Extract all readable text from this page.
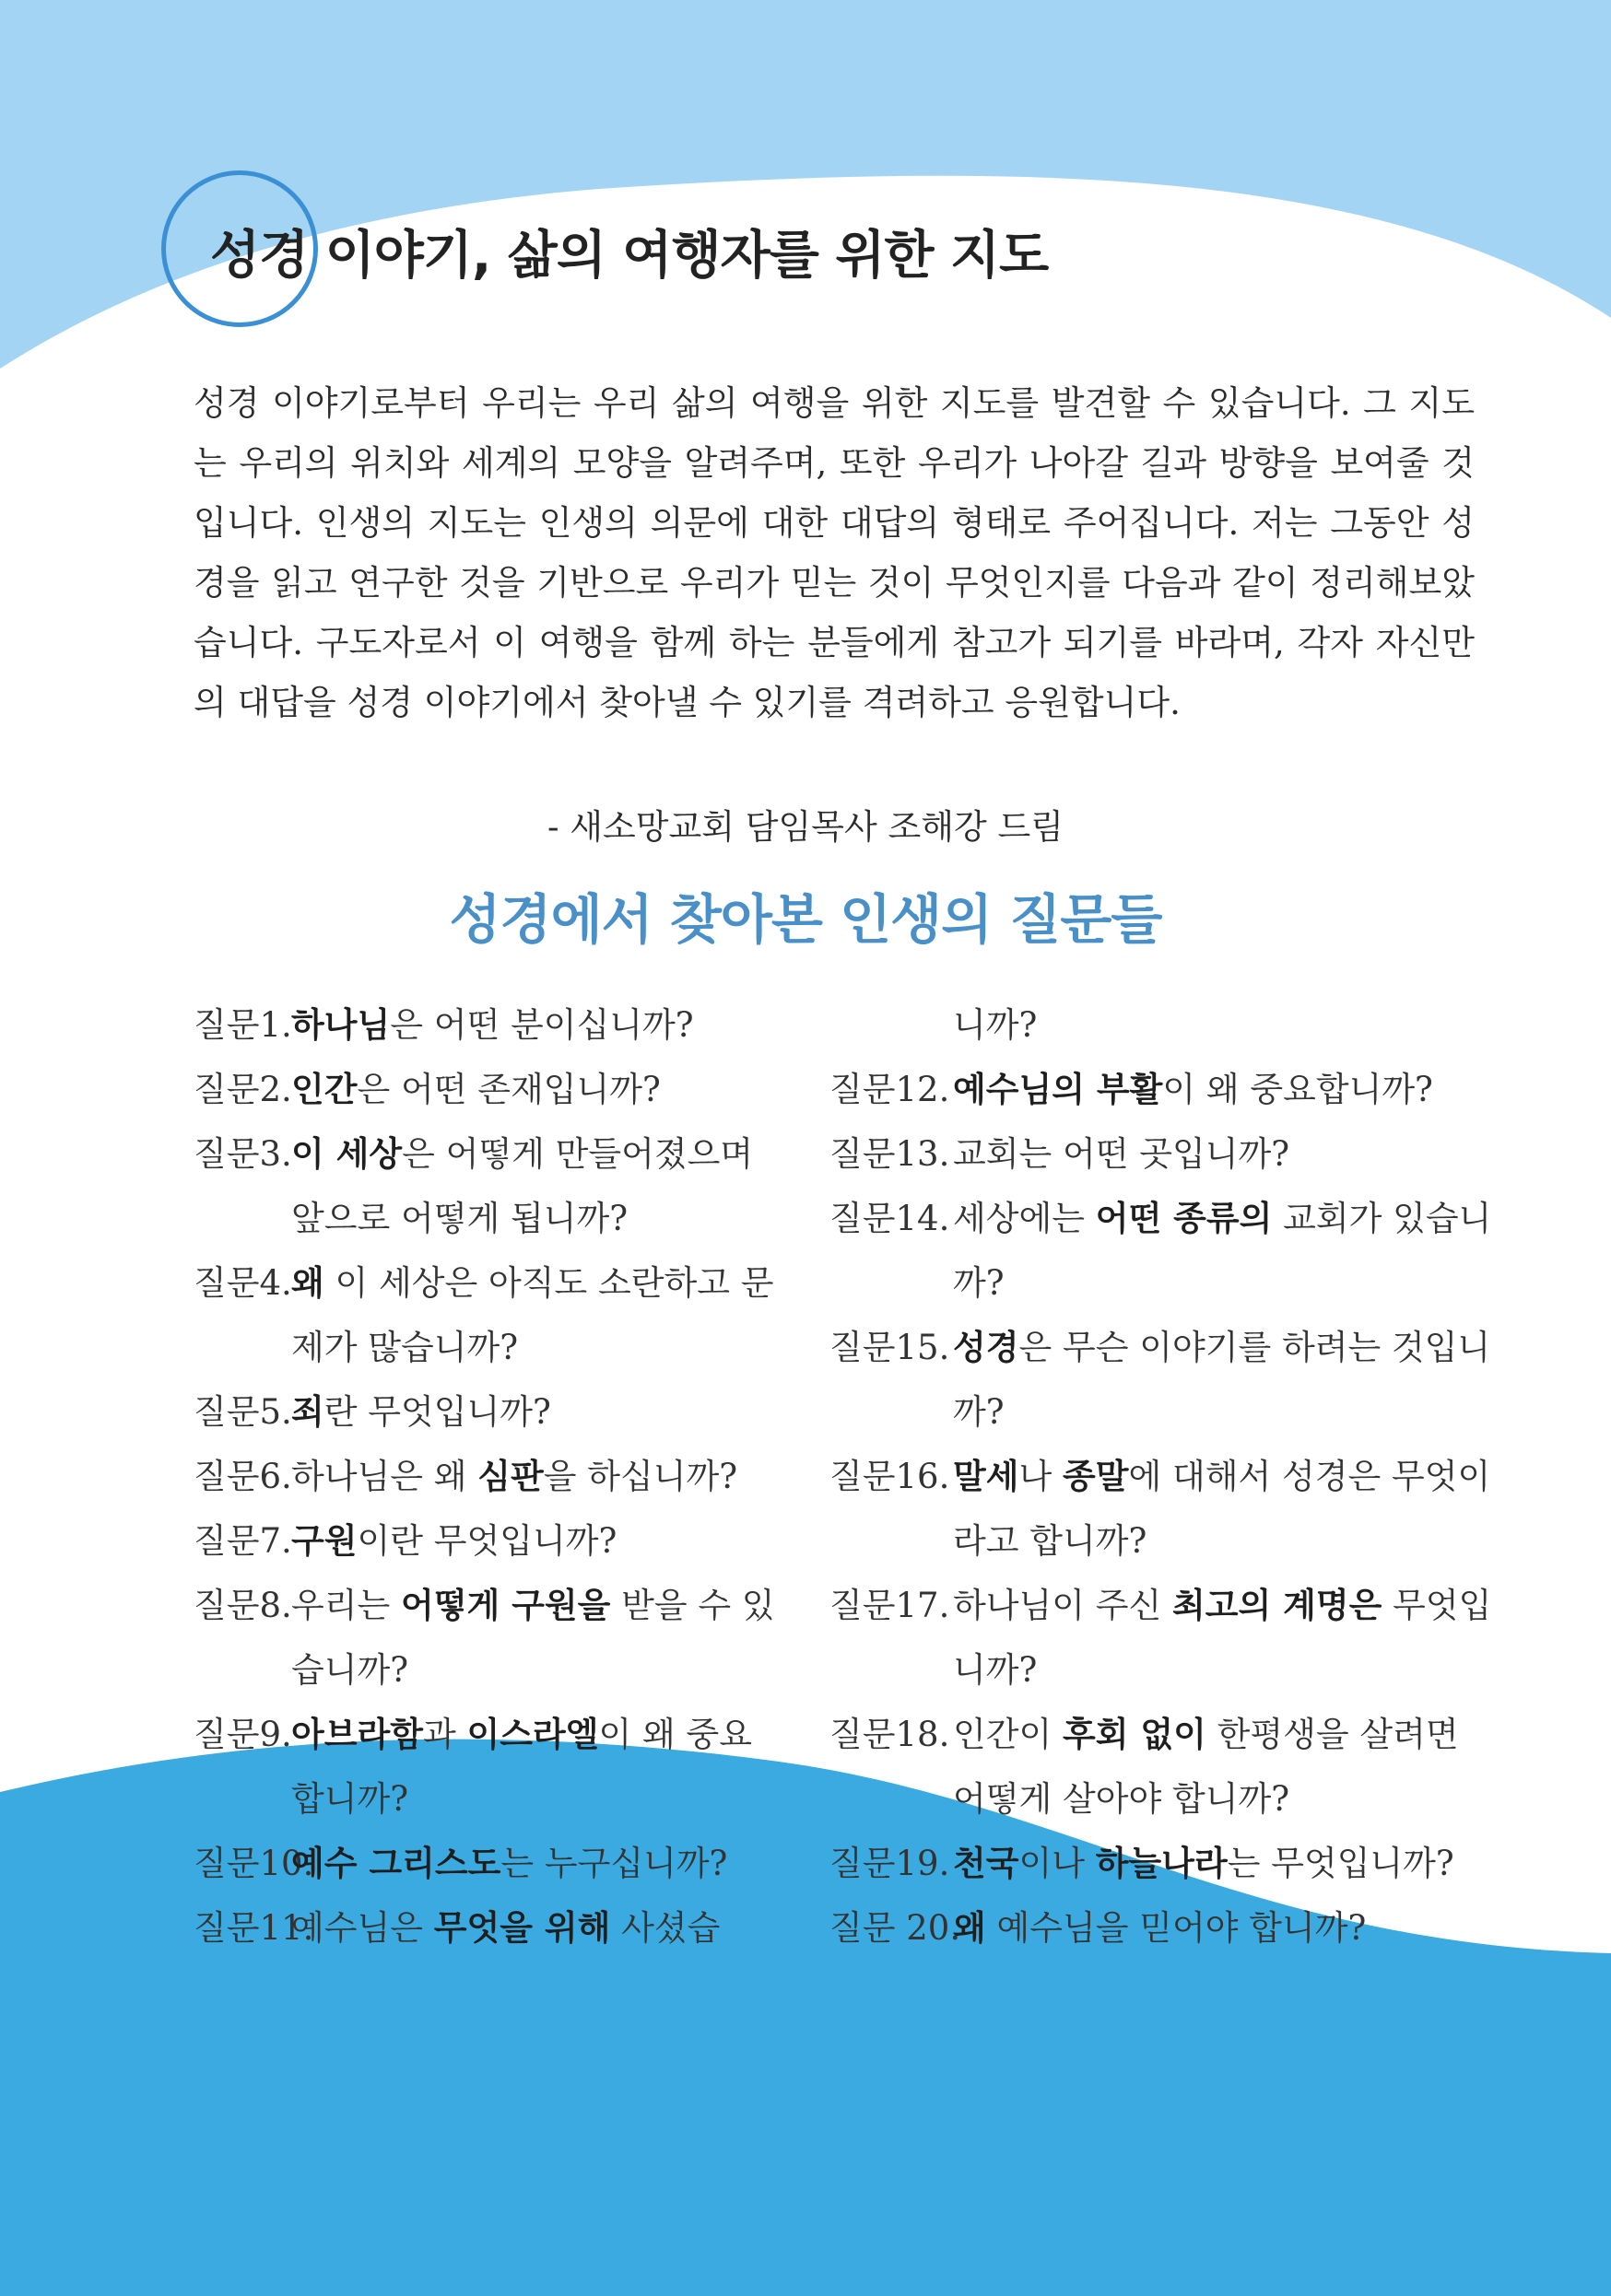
성경 이야기, 삶의 여행자를 위한 지도

성경 이야기로부터 우리는 우리 삶의 여행을 위한 지도를 발견할 수 있습니다. 그 지도는 우리의 위치와 세계의 모양을 알려주며, 또한 우리가 나아갈 길과 방향을 보여줄 것입니다. 인생의 지도는 인생의 의문에 대한 대답의 형태로 주어집니다. 저는 그동안 성경을 읽고 연구한 것을 기반으로 우리가 믿는 것이 무엇인지를 다음과 같이 정리해보았습니다. 구도자로서 이 여행을 함께 하는 분들에게 참고가 되기를 바라며, 각자 자신만의 대답을 성경 이야기에서 찾아낼 수 있기를 격려하고 응원합니다.

- 새소망교회 담임목사 조해강 드림

성경에서 찾아본 인생의 질문들
질문1. 하나님은 어떤 분이십니까?
질문2. 인간은 어떤 존재입니까?
질문3. 이 세상은 어떻게 만들어졌으며 앞으로 어떻게 됩니까?
질문4. 왜 이 세상은 아직도 소란하고 문제가 많습니까?
질문5. 죄란 무엇입니까?
질문6. 하나님은 왜 심판을 하십니까?
질문7. 구원이란 무엇입니까?
질문8. 우리는 어떻게 구원을 받을 수 있습니까?
질문9. 아브라함과 이스라엘이 왜 중요합니까?
질문10.
예수 그리스도는 누구십니까?
질문11.
예수님은 무엇을 위해 사셨습
니까?
질문12. 예수님의 부활이 왜 중요합니까?
질문13. 교회는 어떤 곳입니까?
질문14. 세상에는 어떤 종류의 교회가 있습니까?
질문15. 성경은 무슨 이야기를 하려는 것입니까?
질문16. 말세나 종말에 대해서 성경은 무엇이라고 합니까?
질문17. 하나님이 주신 최고의 계명은 무엇입니까?
질문18. 인간이 후회 없이 한평생을 살려면 어떻게 살아야 합니까?
질문19. 천국이나 하늘나라는 무엇입니까?
질문 20.
왜 예수님을 믿어야 합니까?
